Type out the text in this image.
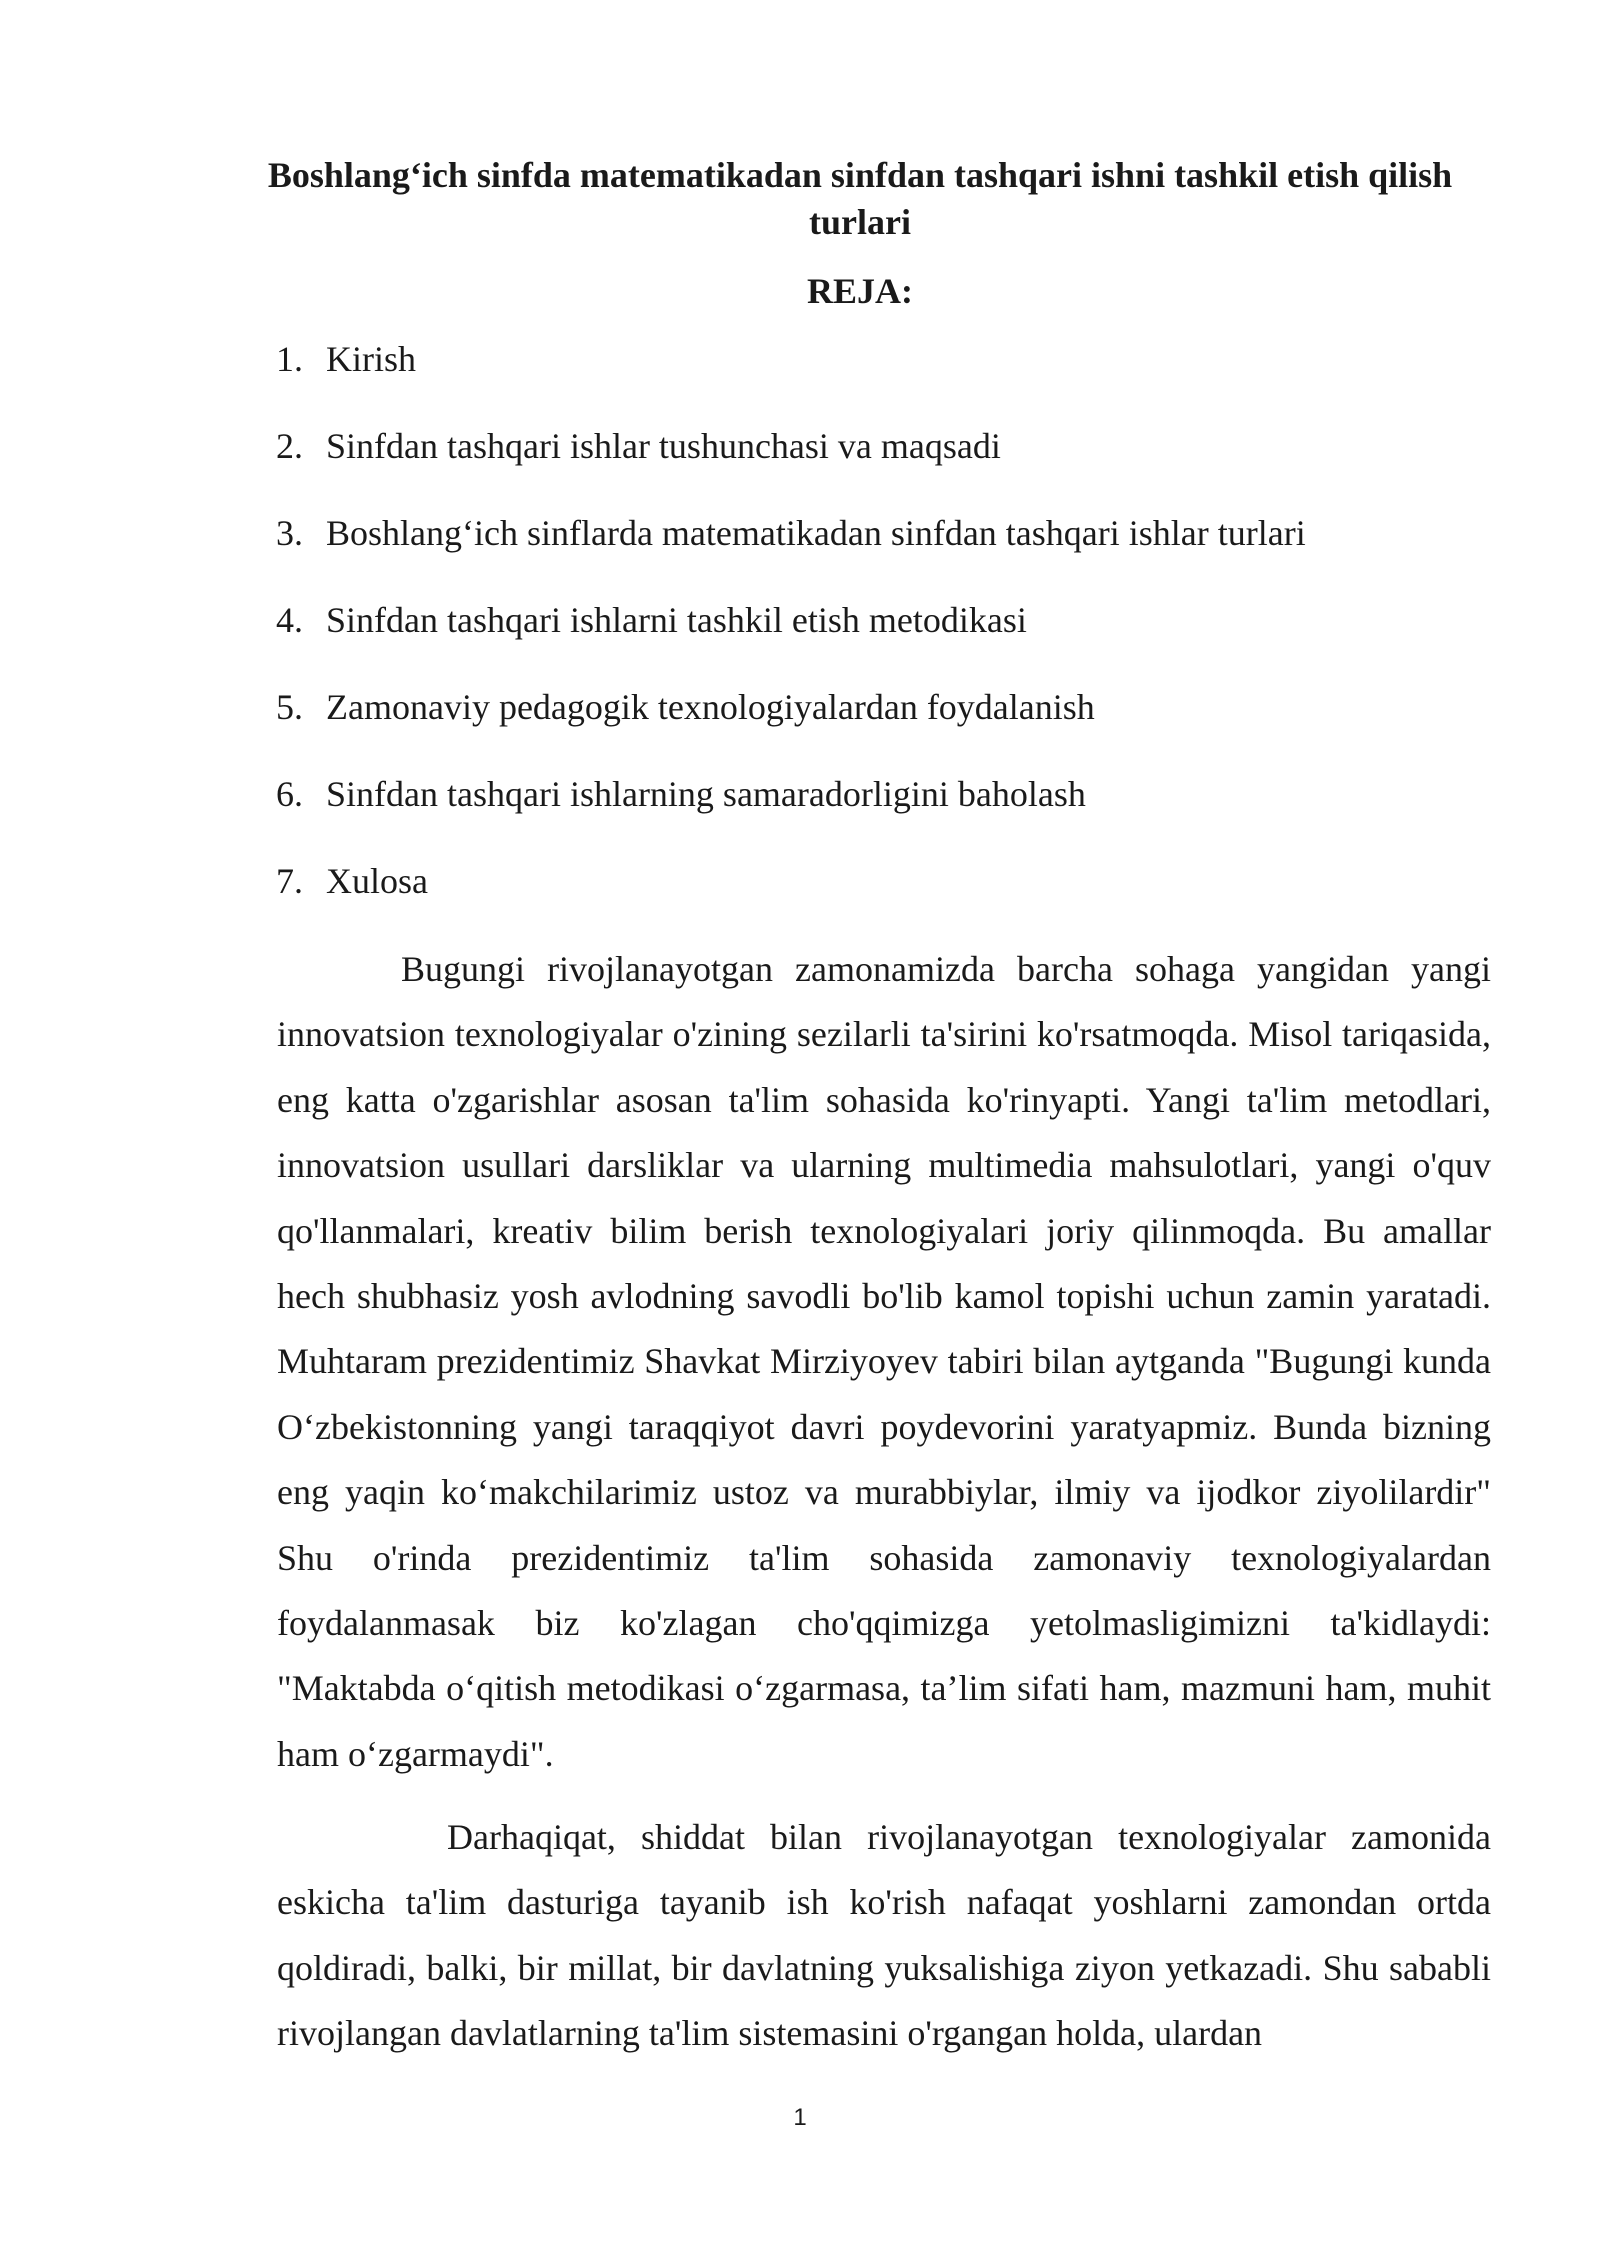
Boshlang‘ich sinfda matematikadan sinfdan tashqari ishni tashkil etish qilish turlari
REJA:
1. Kirish
2. Sinfdan tashqari ishlar tushunchasi va maqsadi
3. Boshlang‘ich sinflarda matematikadan sinfdan tashqari ishlar turlari
4. Sinfdan tashqari ishlarni tashkil etish metodikasi
5. Zamonaviy pedagogik texnologiyalardan foydalanish
6. Sinfdan tashqari ishlarning samaradorligini baholash
7. Xulosa

Bugungi rivojlanayotgan zamonamizda barcha sohaga yangidan yangi innovatsion texnologiyalar o'zining sezilarli ta'sirini ko'rsatmoqda. Misol tariqasida, eng katta o'zgarishlar asosan ta'lim sohasida ko'rinyapti. Yangi ta'lim metodlari, innovatsion usullari darsliklar va ularning multimedia mahsulotlari, yangi o'quv qo'llanmalari, kreativ bilim berish texnologiyalari joriy qilinmoqda. Bu amallar hech shubhasiz yosh avlodning savodli bo'lib kamol topishi uchun zamin yaratadi. Muhtaram prezidentimiz Shavkat Mirziyoyev tabiri bilan aytganda "Bugungi kunda O‘zbekistonning yangi taraqqiyot davri poydevorini yaratyapmiz. Bunda bizning eng yaqin ko‘makchilarimiz ustoz va murabbiylar, ilmiy va ijodkor ziyolilardir" Shu o'rinda prezidentimiz ta'lim sohasida zamonaviy texnologiyalardan foydalanmasak biz ko'zlagan cho'qqimizga yetolmasligimizni ta'kidlaydi: "Maktabda o‘qitish metodikasi o‘zgarmasa, ta’lim sifati ham, mazmuni ham, muhit ham o‘zgarmaydi".

Darhaqiqat, shiddat bilan rivojlanayotgan texnologiyalar zamonida eskicha ta'lim dasturiga tayanib ish ko'rish nafaqat yoshlarni zamondan ortda qoldiradi, balki, bir millat, bir davlatning yuksalishiga ziyon yetkazadi. Shu sababli rivojlangan davlatlarning ta'lim sistemasini o'rgangan holda, ulardan

1
